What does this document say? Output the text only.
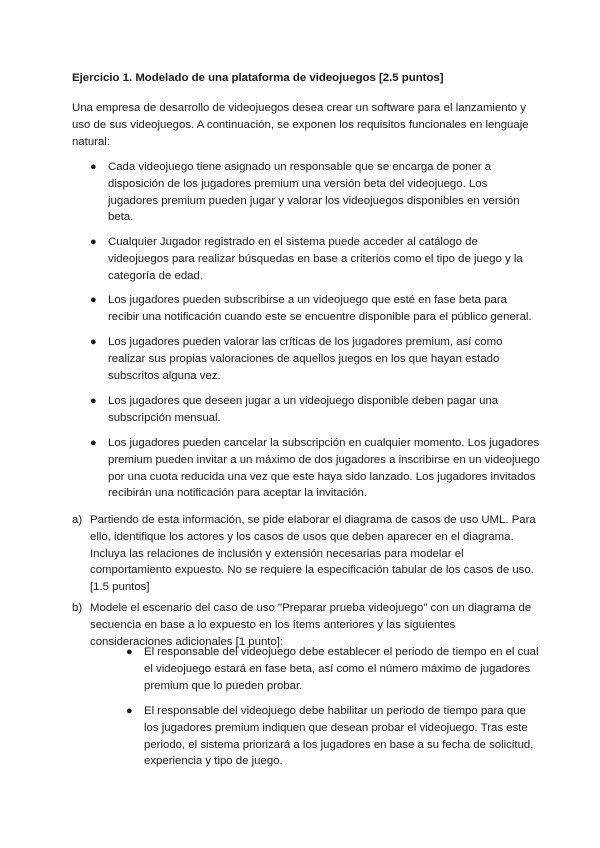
Ejercicio 1. Modelado de una plataforma de videojuegos [2.5 puntos]
Una empresa de desarrollo de videojuegos desea crear un software para el lanzamiento y uso de sus videojuegos. A continuación, se exponen los requisitos funcionales en lenguaje natural:
● Cada videojuego tiene asignado un responsable que se encarga de poner a disposición de los jugadores premium una versión beta del videojuego. Los jugadores premium pueden jugar y valorar los videojuegos disponibles en versión beta.
● Cualquier Jugador registrado en el sistema puede acceder al catálogo de videojuegos para realizar búsquedas en base a criterios como el tipo de juego y la categoría de edad.
● Los jugadores pueden subscribirse a un videojuego que esté en fase beta para recibir una notificación cuando este se encuentre disponible para el público general.
● Los jugadores pueden valorar las críticas de los jugadores premium, así como realizar sus propias valoraciones de aquellos juegos en los que hayan estado subscritos alguna vez.
● Los jugadores que deseen jugar a un videojuego disponible deben pagar una subscripción mensual.
● Los jugadores pueden cancelar la subscripción en cualquier momento. Los jugadores premium pueden invitar a un máximo de dos jugadores a inscribirse en un videojuego por una cuota reducida una vez que este haya sido lanzado. Los jugadores invitados recibirán una notificación para aceptar la invitación.
a) Partiendo de esta información, se pide elaborar el diagrama de casos de uso UML. Para ello, identifique los actores y los casos de usos que deben aparecer en el diagrama. Incluya las relaciones de inclusión y extensión necesarias para modelar el comportamiento expuesto. No se requiere la especificación tabular de los casos de uso. [1.5 puntos]
b) Modele el escenario del caso de uso "Preparar prueba videojuego" con un diagrama de secuencia en base a lo expuesto en los ítems anteriores y las siguientes consideraciones adicionales [1 punto]:
● El responsable del videojuego debe establecer el periodo de tiempo en el cual el videojuego estará en fase beta, así como el número máximo de jugadores premium que lo pueden probar.
● El responsable del videojuego debe habilitar un periodo de tiempo para que los jugadores premium indiquen que desean probar el videojuego. Tras este periodo, el sistema priorizará a los jugadores en base a su fecha de solicitud, experiencia y tipo de juego.
